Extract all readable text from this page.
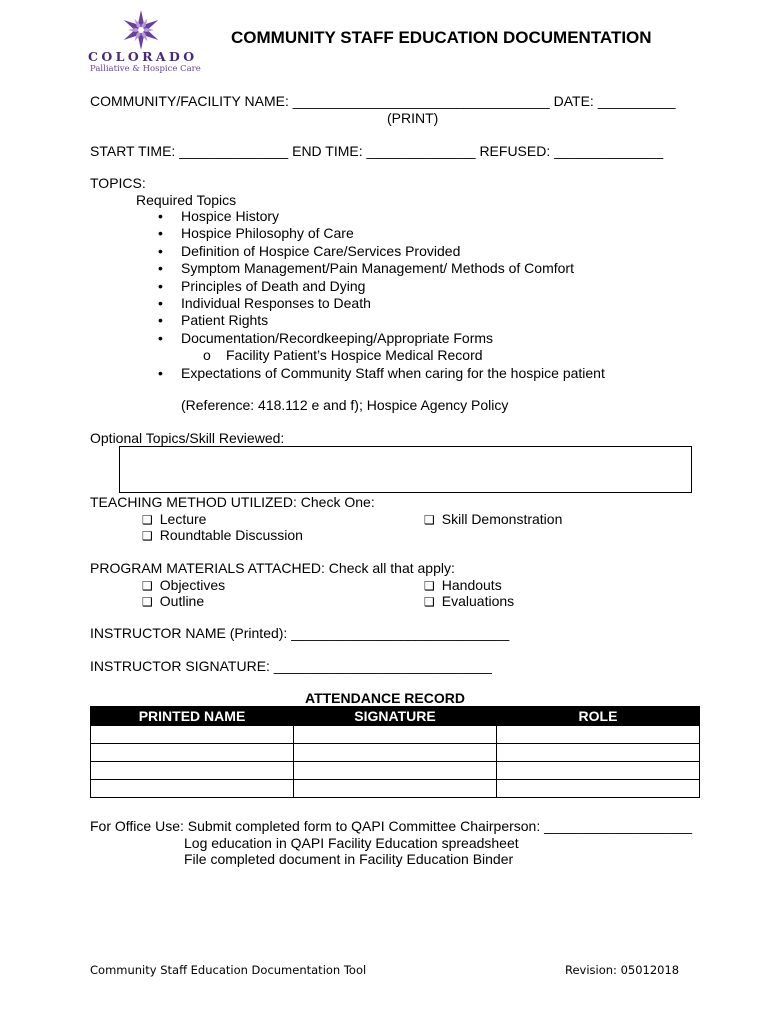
COLORADO
Palliative & Hospice Care
COMMUNITY STAFF EDUCATION DOCUMENTATION
COMMUNITY/FACILITY NAME: _________________________________ DATE: __________
(PRINT)
START TIME: ______________ END TIME: ______________ REFUSED: ______________
TOPICS:
Required Topics
• Hospice History
• Hospice Philosophy of Care
• Definition of Hospice Care/Services Provided
• Symptom Management/Pain Management/ Methods of Comfort
• Principles of Death and Dying
• Individual Responses to Death
• Patient Rights
• Documentation/Recordkeeping/Appropriate Forms
o Facility Patient’s Hospice Medical Record
• Expectations of Community Staff when caring for the hospice patient
(Reference: 418.112 e and f); Hospice Agency Policy
Optional Topics/Skill Reviewed:
TEACHING METHOD UTILIZED: Check One:
❑ Lecture
❑ Roundtable Discussion
❑ Skill Demonstration
PROGRAM MATERIALS ATTACHED: Check all that apply:
❑ Objectives
❑ Outline
❑ Handouts
❑ Evaluations
INSTRUCTOR NAME (Printed): ____________________________
INSTRUCTOR SIGNATURE: ____________________________
ATTENDANCE RECORD
PRINTED NAME	SIGNATURE	ROLE

For Office Use: Submit completed form to QAPI Committee Chairperson: ___________________
Log education in QAPI Facility Education spreadsheet
File completed document in Facility Education Binder
Community Staff Education Documentation Tool	Revision: 05012018
